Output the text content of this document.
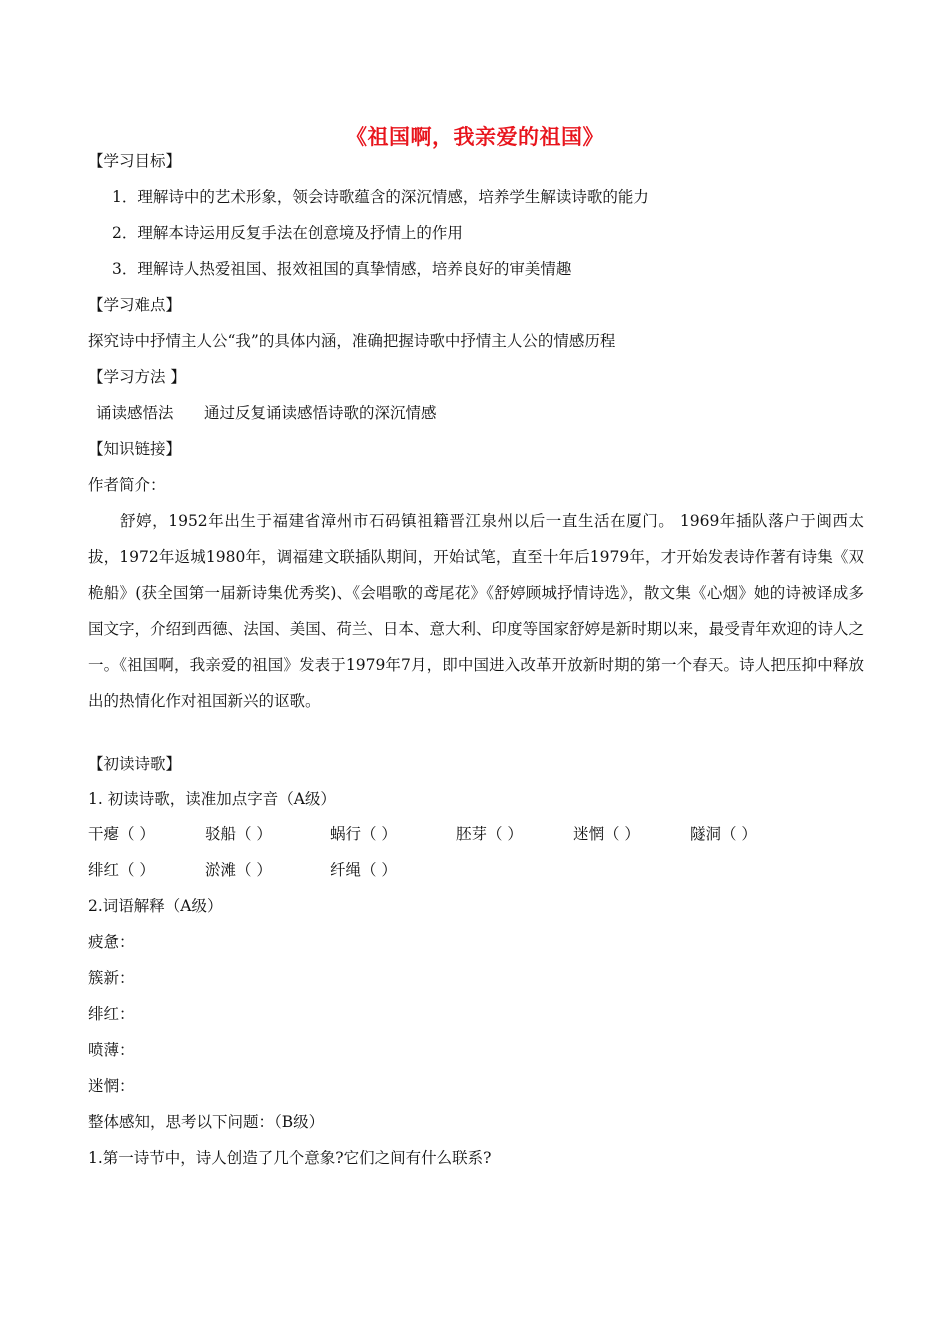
《祖国啊，我亲爱的祖国》
【学习目标】
1．理解诗中的艺术形象，领会诗歌蕴含的深沉情感，培养学生解读诗歌的能力
2．理解本诗运用反复手法在创意境及抒情上的作用
3．理解诗人热爱祖国、报效祖国的真挚情感，培养良好的审美情趣
【学习难点】
探究诗中抒情主人公“我”的具体内涵，准确把握诗歌中抒情主人公的情感历程
【学习方法 】
诵读感悟法 通过反复诵读感悟诗歌的深沉情感
【知识链接】
作者简介：
舒婷，1952年出生于福建省漳州市石码镇祖籍晋江泉州以后一直生活在厦门。 1969年插队落户于闽西太拔，1972年返城1980年，调福建文联插队期间，开始试笔，直至十年后1979年，才开始发表诗作著有诗集《双桅船》(获全国第一届新诗集优秀奖)、《会唱歌的鸢尾花》《舒婷顾城抒情诗选》，散文集《心烟》她的诗被译成多国文字，介绍到西德、法国、美国、荷兰、日本、意大利、印度等国家舒婷是新时期以来，最受青年欢迎的诗人之一。《祖国啊，我亲爱的祖国》发表于1979年7月，即中国进入改革开放新时期的第一个春天。诗人把压抑中释放出的热情化作对祖国新兴的讴歌。
【初读诗歌】
1. 初读诗歌，读准加点字音（A级）
干瘪（ ）	驳船（ ）	蜗行（ ）	胚芽（ ）	迷惘（ ）	隧洞（ ）
绯红（ ）	淤滩（ ）	纤绳（ ）
2.词语解释（A级）
疲惫：
簇新：
绯红：
喷薄：
迷惘：
整体感知，思考以下问题：（B级）
1.第一诗节中，诗人创造了几个意象?它们之间有什么联系?
